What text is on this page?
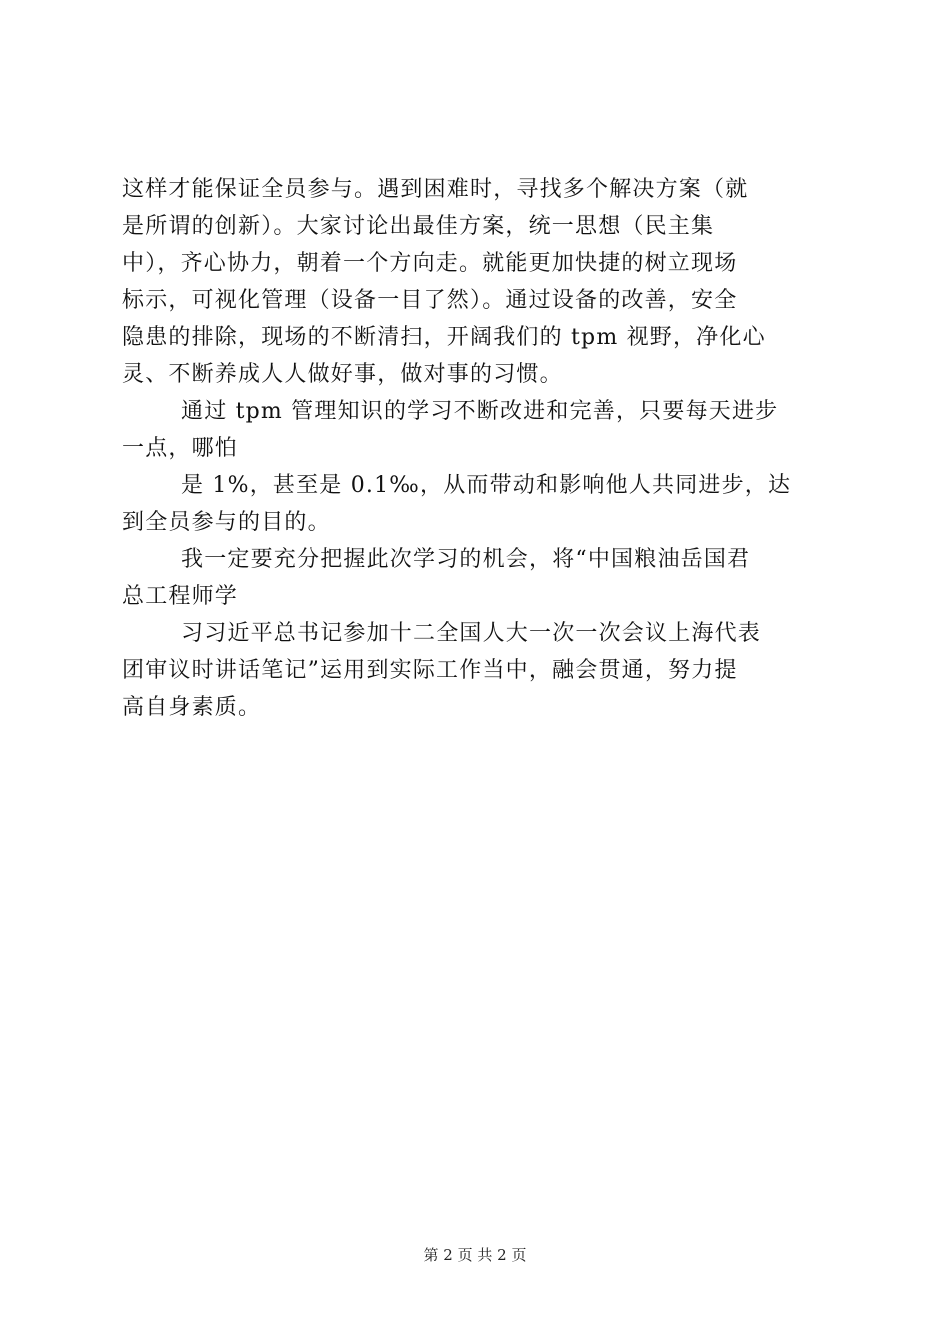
这样才能保证全员参与。遇到困难时，寻找多个解决方案（就
是所谓的创新）。大家讨论出最佳方案，统一思想（民主集
中），齐心协力，朝着一个方向走。就能更加快捷的树立现场
标示，可视化管理（设备一目了然）。通过设备的改善，安全
隐患的排除，现场的不断清扫，开阔我们的 tpm 视野，净化心
灵、不断养成人人做好事，做对事的习惯。
通过 tpm 管理知识的学习不断改进和完善，只要每天进步
一点，哪怕
是 1%，甚至是 0.1‰，从而带动和影响他人共同进步，达
到全员参与的目的。
我一定要充分把握此次学习的机会，将“中国粮油岳国君
总工程师学
习习近平总书记参加十二全国人大一次一次会议上海代表
团审议时讲话笔记”运用到实际工作当中，融会贯通，努力提
高自身素质。
第 2 页 共 2 页
